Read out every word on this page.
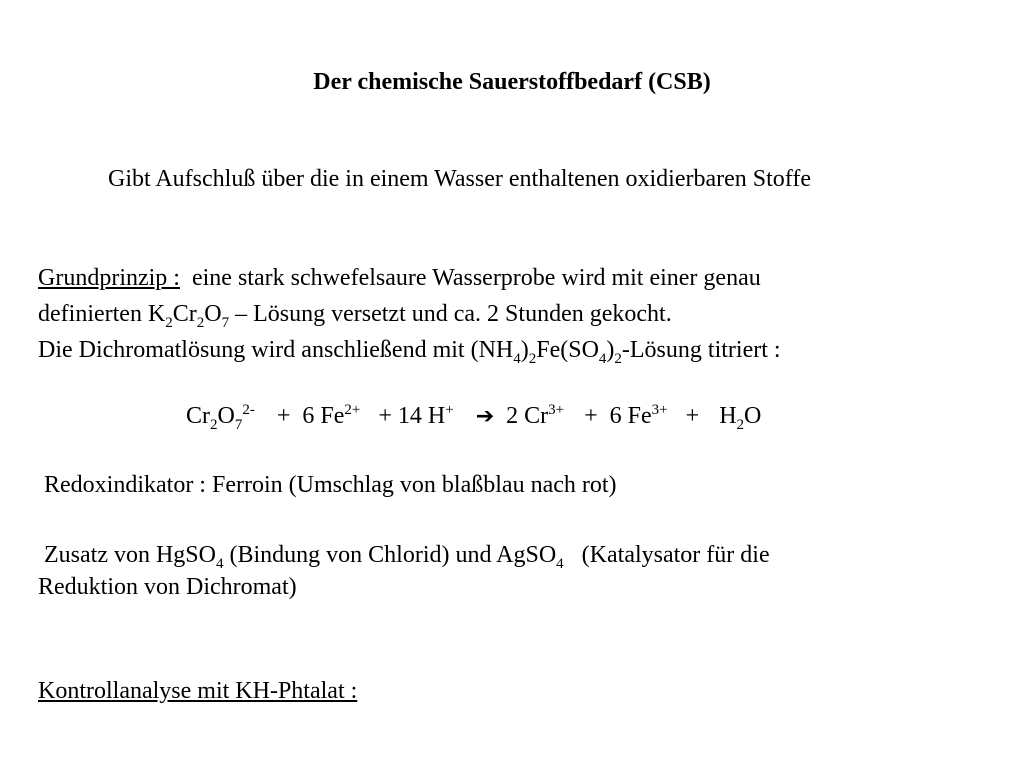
Der chemische Sauerstoffbedarf (CSB)
Gibt Aufschluß über die in einem Wasser enthaltenen oxidierbaren Stoffe
Grundprinzip : eine stark schwefelsaure Wasserprobe wird mit einer genau
definierten $K_2Cr_2O_7$ – Lösung versetzt und ca. 2 Stunden gekocht.
Die Dichromatlösung wird anschließend mit $(NH_4)_2Fe(SO_4)_2$-Lösung titriert :
$Cr_2O_7^{2-} + 6$ $Fe^{2+} + 14$ H+ ➔ 2 $Cr^{3+} + 6$ $Fe^{3+} + H_2O$
Redoxindikator : Ferroin (Umschlag von blaßblau nach rot)
Zusatz von HgSO$_4$ (Bindung von Chlorid) und AgSO$_4$   (Katalysator für die
Reduktion von Dichromat)
Kontrollanalyse mit KH-Phtalat :
